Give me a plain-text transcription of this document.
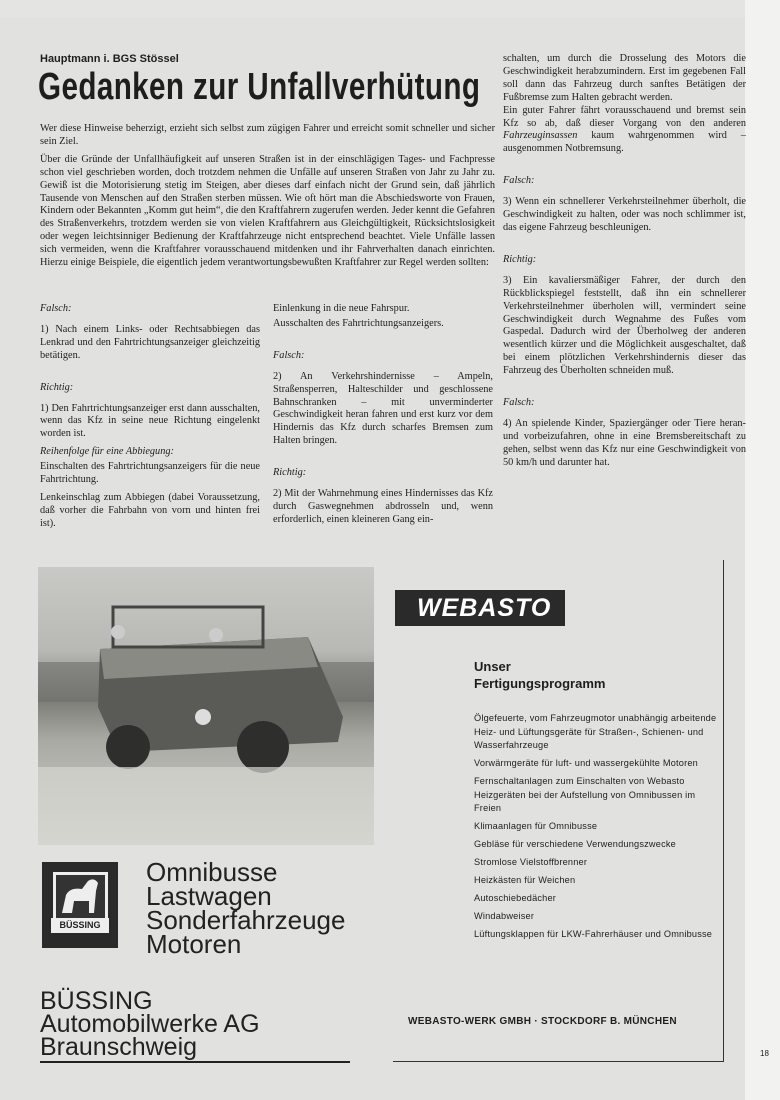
Hauptmann i. BGS Stössel
Gedanken zur Unfallverhütung

Wer diese Hinweise beherzigt, erzieht sich selbst zum zügigen Fahrer und erreicht somit schneller und sicher sein Ziel.

Über die Gründe der Unfallhäufigkeit auf unseren Straßen ist in der einschlägigen Tages- und Fachpresse schon viel geschrieben worden, doch trotzdem nehmen die Unfälle auf unseren Straßen von Jahr zu Jahr zu. Gewiß ist die Motorisierung stetig im Steigen, aber dieses darf einfach nicht der Grund sein, daß jährlich Tausende von Menschen auf den Straßen sterben müssen. Wie oft hört man die Abschiedsworte von Frauen, Kindern oder Bekannten „Komm gut heim“, die den Kraftfahrern zugerufen werden. Jeder kennt die Gefahren des Straßenverkehrs, trotzdem werden sie von vielen Kraftfahrern aus Gleichgültigkeit, Rücksichtslosigkeit oder wegen leichtsinniger Bedienung der Kraftfahrzeuge nicht entsprechend beachtet. Viele Unfälle lassen sich vermeiden, wenn die Kraftfahrer vorausschauend mitdenken und ihr Fahrverhalten danach einrichten. Hierzu einige Beispiele, die eigentlich jedem verantwortungsbewußten Kraftfahrer zur Regel werden sollten:

Falsch:

1) Nach einem Links- oder Rechtsabbiegen das Lenkrad und den Fahrtrichtungsanzeiger gleichzeitig betätigen.

Richtig:

1) Den Fahrtrichtungsanzeiger erst dann ausschalten, wenn das Kfz in seine neue Richtung eingelenkt worden ist.

Reihenfolge für eine Abbiegung:

Einschalten des Fahrtrichtungsanzeigers für die neue Fahrtrichtung.

Lenkeinschlag zum Abbiegen (dabei Voraussetzung, daß vorher die Fahrbahn von vorn und hinten frei ist).

Einlenkung in die neue Fahrspur.

Ausschalten des Fahrtrichtungsanzeigers.

Falsch:

2) An Verkehrshindernisse – Ampeln, Straßensperren, Halteschilder und geschlossene Bahnschranken – mit unverminderter Geschwindigkeit heran fahren und erst kurz vor dem Hindernis das Kfz durch scharfes Bremsen zum Halten bringen.

Richtig:

2) Mit der Wahrnehmung eines Hindernisses das Kfz durch Gaswegnehmen abdrosseln und, wenn erforderlich, einen kleineren Gang ein-

schalten, um durch die Drosselung des Motors die Geschwindigkeit herabzumindern. Erst im gegebenen Fall soll dann das Fahrzeug durch sanftes Betätigen der Fußbremse zum Halten gebracht werden.

Ein guter Fahrer fährt vorausschauend und bremst sein Kfz so ab, daß dieser Vorgang von den anderen Fahrzeuginsassen kaum wahrgenommen wird – ausgenommen Notbremsung.

Falsch:

3) Wenn ein schnellerer Verkehrsteilnehmer überholt, die Geschwindigkeit zu halten, oder was noch schlimmer ist, das eigene Fahrzeug beschleunigen.

Richtig:

3) Ein kavaliersmäßiger Fahrer, der durch den Rückblickspiegel feststellt, daß ihn ein schnellerer Verkehrsteilnehmer überholen will, vermindert seine Geschwindigkeit durch Wegnahme des Fußes vom Gaspedal. Dadurch wird der Überholweg der anderen wesentlich kürzer und die Möglichkeit ausgeschaltet, daß bei einem plötzlichen Verkehrshindernis dieser das Fahrzeug des Überholten schneiden muß.

Falsch:

4) An spielende Kinder, Spaziergänger oder Tiere heran- und vorbeizufahren, ohne in eine Bremsbereitschaft zu gehen, selbst wenn das Kfz nur eine Geschwindigkeit von 50 km/h und darunter hat.

BÜSSING
Omnibusse
Lastwagen
Sonderfahrzeuge
Motoren
BÜSSING
Automobilwerke AG
Braunschweig
WEBASTO
Unser
Fertigungsprogramm
Ölgefeuerte, vom Fahrzeugmotor unabhängig arbeitende Heiz- und Lüftungsgeräte für Straßen-, Schienen- und Wasserfahrzeuge
Vorwärmgeräte für luft- und wassergekühlte Motoren
Fernschaltanlagen zum Einschalten von Webasto Heizgeräten bei der Aufstellung von Omnibussen im Freien
Klimaanlagen für Omnibusse
Gebläse für verschiedene Verwendungszwecke
Stromlose Vielstoffbrenner
Heizkästen für Weichen
Autoschiebedächer
Windabweiser
Lüftungsklappen für LKW-Fahrerhäuser und Omnibusse
WEBASTO-WERK GMBH · STOCKDORF B. MÜNCHEN
18
